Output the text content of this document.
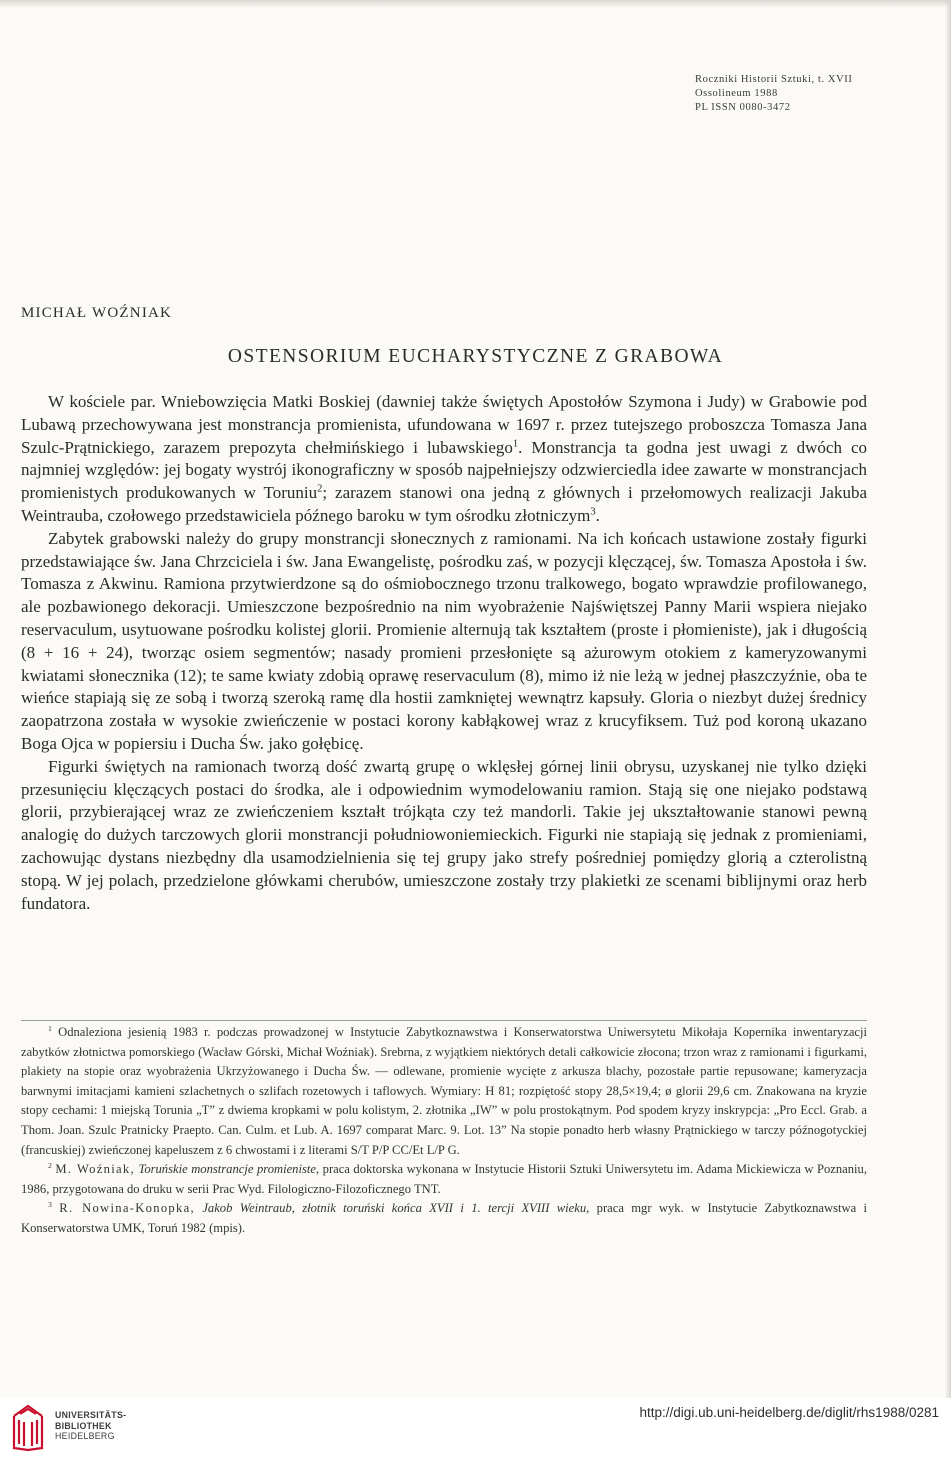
Roczniki Historii Sztuki, t. XVII
Ossolineum 1988
PL ISSN 0080-3472
MICHAŁ WOŹNIAK
OSTENSORIUM EUCHARYSTYCZNE Z GRABOWA

W kościele par. Wniebowzięcia Matki Boskiej (dawniej także świętych Apostołów Szymona i Judy) w Grabowie pod Lubawą przechowywana jest monstrancja promienista, ufundowana w 1697 r. przez tutejszego proboszcza Tomasza Jana Szulc-Prątnickiego, zarazem prepozyta chełmińskiego i lubawskiego$^1$. Monstrancja ta godna jest uwagi z dwóch co najmniej względów: jej bogaty wystrój ikonograficzny w sposób najpełniejszy odzwierciedla idee zawarte w monstrancjach promienistych produkowanych w Toruniu$^2$; zarazem stanowi ona jedną z głównych i przełomowych realizacji Jakuba Weintrauba, czołowego przedstawiciela późnego baroku w tym ośrodku złotniczym$^3$.

Zabytek grabowski należy do grupy monstrancji słonecznych z ramionami. Na ich końcach ustawione zostały figurki przedstawiające św. Jana Chrzciciela i św. Jana Ewangelistę, pośrodku zaś, w pozycji klęczącej, św. Tomasza Apostoła i św. Tomasza z Akwinu. Ramiona przytwierdzone są do ośmiobocznego trzonu tralkowego, bogato wprawdzie profilowanego, ale pozbawionego dekoracji. Umieszczone bezpośrednio na nim wyobrażenie Najświętszej Panny Marii wspiera niejako reservaculum, usytuowane pośrodku kolistej glorii. Promienie alternują tak kształtem (proste i płomieniste), jak i długością (8 + 16 + 24), tworząc osiem segmentów; nasady promieni przesłonięte są ażurowym otokiem z kameryzowanymi kwiatami słonecznika (12); te same kwiaty zdobią oprawę reservaculum (8), mimo iż nie leżą w jednej płaszczyźnie, oba te wieńce stapiają się ze sobą i tworzą szeroką ramę dla hostii zamkniętej wewnątrz kapsuły. Gloria o niezbyt dużej średnicy zaopatrzona została w wysokie zwieńczenie w postaci korony kabłąkowej wraz z krucyfiksem. Tuż pod koroną ukazano Boga Ojca w popiersiu i Ducha Św. jako gołębicę.

Figurki świętych na ramionach tworzą dość zwartą grupę o wklęsłej górnej linii obrysu, uzyskanej nie tylko dzięki przesunięciu klęczących postaci do środka, ale i odpowiednim wymodelowaniu ramion. Stają się one niejako podstawą glorii, przybierającej wraz ze zwieńczeniem kształt trójkąta czy też mandorli. Takie jej ukształtowanie stanowi pewną analogię do dużych tarczowych glorii monstrancji południowoniemieckich. Figurki nie stapiają się jednak z promieniami, zachowując dystans niezbędny dla usamodzielnienia się tej grupy jako strefy pośredniej pomiędzy glorią a czterolistną stopą. W jej polach, przedzielone główkami cherubów, umieszczone zostały trzy plakietki ze scenami biblijnymi oraz herb fundatora.

$^1$ Odnaleziona jesienią 1983 r. podczas prowadzonej w Instytucie Zabytkoznawstwa i Konserwatorstwa Uniwersytetu Mikołaja Kopernika inwentaryzacji zabytków złotnictwa pomorskiego (Wacław Górski, Michał Woźniak). Srebrna, z wyjątkiem niektórych detali całkowicie złocona; trzon wraz z ramionami i figurkami, plakiety na stopie oraz wyobrażenia Ukrzyżowanego i Ducha Św. — odlewane, promienie wycięte z arkusza blachy, pozostałe partie repusowane; kameryzacja barwnymi imitacjami kamieni szlachetnych o szlifach rozetowych i taflowych. Wymiary: H 81; rozpiętość stopy 28,5×19,4; ø glorii 29,6 cm. Znakowana na kryzie stopy cechami: 1 miejską Torunia „T” z dwiema kropkami w polu kolistym, 2. złotnika „IW” w polu prostokątnym. Pod spodem kryzy inskrypcja: „Pro Eccl. Grab. a Thom. Joan. Szulc Pratnicky Praepto. Can. Culm. et Lub. A. 1697 comparat Marc. 9. Lot. 13” Na stopie ponadto herb własny Prątnickiego w tarczy późnogotyckiej (francuskiej) zwieńczonej kapeluszem z 6 chwostami i z literami S/T P/P CC/Et L/P G.

$^2$ M. Woźniak, Toruńskie monstrancje promieniste, praca doktorska wykonana w Instytucie Historii Sztuki Uniwersytetu im. Adama Mickiewicza w Poznaniu, 1986, przygotowana do druku w serii Prac Wyd. Filologiczno-Filozoficznego TNT.

$^3$ R. Nowina-Konopka, Jakob Weintraub, złotnik toruński końca XVII i 1. tercji XVIII wieku, praca mgr wyk. w Instytucie Zabytkoznawstwa i Konserwatorstwa UMK, Toruń 1982 (mpis).

UNIVERSITÄTS-
BIBLIOTHEK
HEIDELBERG
http://digi.ub.uni-heidelberg.de/diglit/rhs1988/0281
